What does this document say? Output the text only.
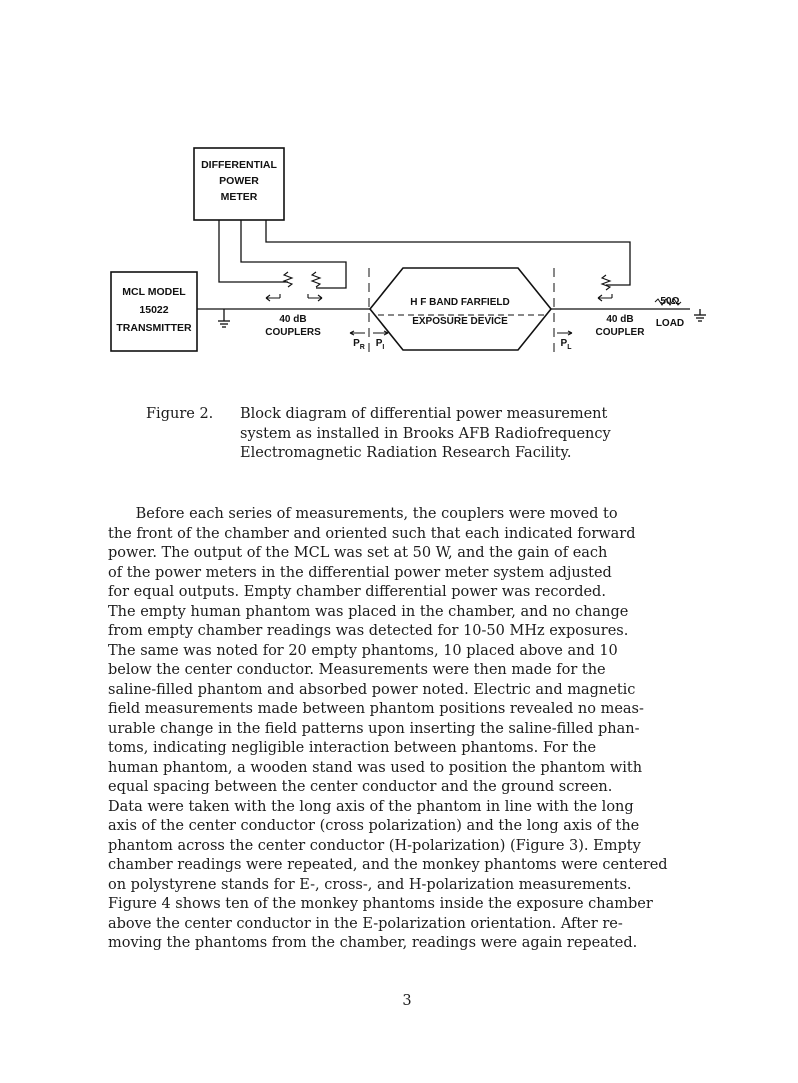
DIFFERENTIAL
POWER
METER
MCL MODEL
15022
TRANSMITTER
40 dB
COUPLERS
H F BAND FARFIELD
EXPOSURE DEVICE	40 dB
COUPLER
50Ω
LOAD
$P_R$	$P_I$	$P_L$
Figure 2. Block diagram of differential power measurement
system as installed in Brooks AFB Radiofrequency
Electromagnetic Radiation Research Facility.
Before each series of measurements, the couplers were moved to
the front of the chamber and oriented such that each indicated forward
power. The output of the MCL was set at 50 W, and the gain of each
of the power meters in the differential power meter system adjusted
for equal outputs. Empty chamber differential power was recorded.
The empty human phantom was placed in the chamber, and no change
from empty chamber readings was detected for 10-50 MHz exposures.
The same was noted for 20 empty phantoms, 10 placed above and 10
below the center conductor. Measurements were then made for the
saline-filled phantom and absorbed power noted. Electric and magnetic
field measurements made between phantom positions revealed no meas-
urable change in the field patterns upon inserting the saline-filled phan-
toms, indicating negligible interaction between phantoms. For the
human phantom, a wooden stand was used to position the phantom with
equal spacing between the center conductor and the ground screen.
Data were taken with the long axis of the phantom in line with the long
axis of the center conductor (cross polarization) and the long axis of the
phantom across the center conductor (H-polarization) (Figure 3). Empty
chamber readings were repeated, and the monkey phantoms were centered
on polystyrene stands for E-, cross-, and H-polarization measurements.
Figure 4 shows ten of the monkey phantoms inside the exposure chamber
above the center conductor in the E-polarization orientation. After re-
moving the phantoms from the chamber, readings were again repeated.
3
